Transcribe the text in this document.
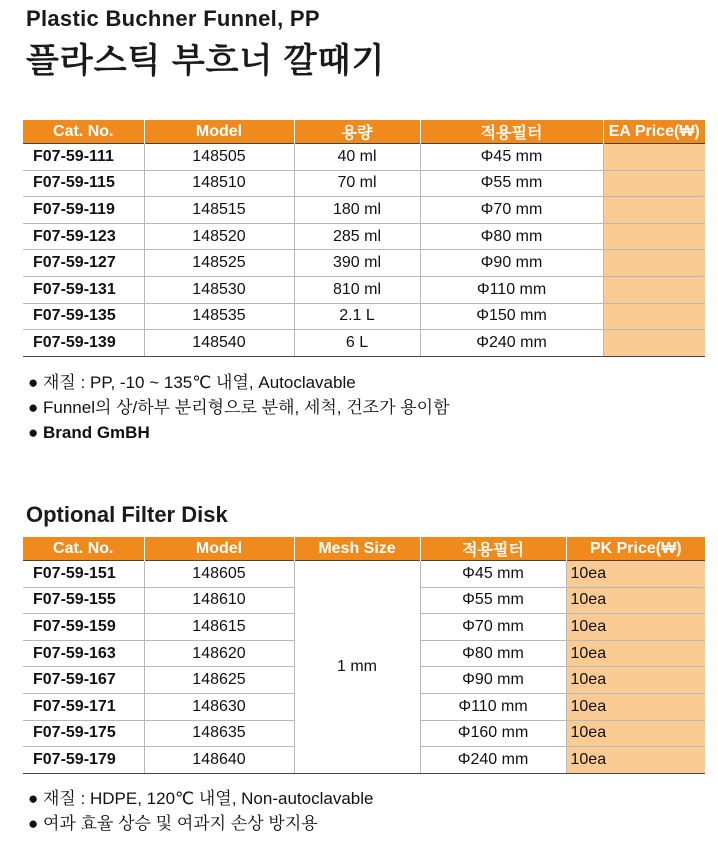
Plastic Buchner Funnel, PP
플라스틱 부흐너 깔때기
Cat. No.	Model	용량	적용필터	EA Price(₩)
F07-59-111	148505	40 ml	Φ45 mm	
F07-59-115	148510	70 ml	Φ55 mm	
F07-59-119	148515	180 ml	Φ70 mm	
F07-59-123	148520	285 ml	Φ80 mm	
F07-59-127	148525	390 ml	Φ90 mm	
F07-59-131	148530	810 ml	Φ110 mm	
F07-59-135	148535	2.1 L	Φ150 mm	
F07-59-139	148540	6 L	Φ240 mm	
● 재질 : PP, -10 ~ 135℃ 내열, Autoclavable
● Funnel의 상/하부 분리형으로 분해, 세척, 건조가 용이함
● Brand GmBH
Optional Filter Disk
Cat. No.	Model	Mesh Size	적용필터	PK Price(₩)
F07-59-151	148605	1 mm	Φ45 mm	10ea
F07-59-155	148610		Φ55 mm	10ea
F07-59-159	148615		Φ70 mm	10ea
F07-59-163	148620		Φ80 mm	10ea
F07-59-167	148625		Φ90 mm	10ea
F07-59-171	148630		Φ110 mm	10ea
F07-59-175	148635		Φ160 mm	10ea
F07-59-179	148640		Φ240 mm	10ea
● 재질 : HDPE, 120℃ 내열, Non-autoclavable
● 여과 효율 상승 및 여과지 손상 방지용
